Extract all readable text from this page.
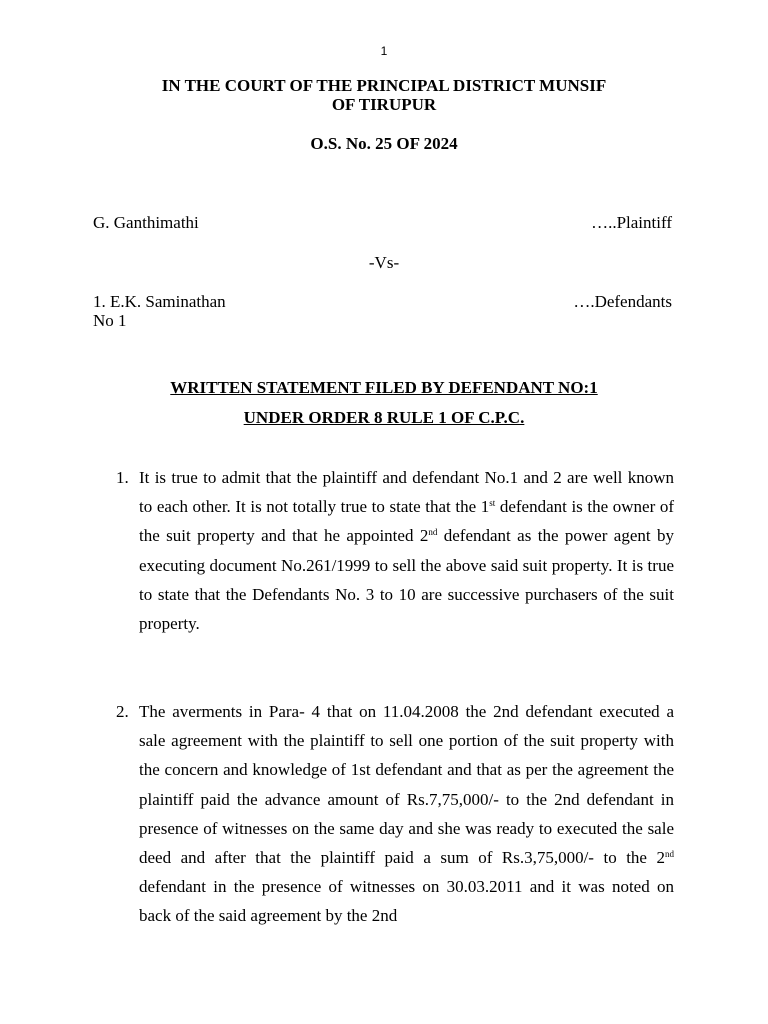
1
IN THE COURT OF THE PRINCIPAL DISTRICT MUNSIF
OF TIRUPUR
O.S. No. 25 OF 2024
G. Ganthimathi	…..Plaintiff
-Vs-
1. E.K. Saminathan	….Defendants
No 1
WRITTEN STATEMENT FILED BY DEFENDANT NO:1
UNDER ORDER 8 RULE 1 OF C.P.C.
1. It is true to admit that the plaintiff and defendant No.1 and 2 are well known to each other. It is not totally true to state that the 1st defendant is the owner of the suit property and that he appointed 2nd defendant as the power agent by executing document No.261/1999 to sell the above said suit property. It is true to state that the Defendants No. 3 to 10 are successive purchasers of the suit property.

2. The averments in Para- 4 that on 11.04.2008 the 2nd defendant executed a sale agreement with the plaintiff to sell one portion of the suit property with the concern and knowledge of 1st defendant and that as per the agreement the plaintiff paid the advance amount of Rs.7,75,000/- to the 2nd defendant in presence of witnesses on the same day and she was ready to executed the sale deed and after that the plaintiff paid a sum of Rs.3,75,000/- to the 2nd defendant in the presence of witnesses on 30.03.2011 and it was noted on back of the said agreement by the 2nd
